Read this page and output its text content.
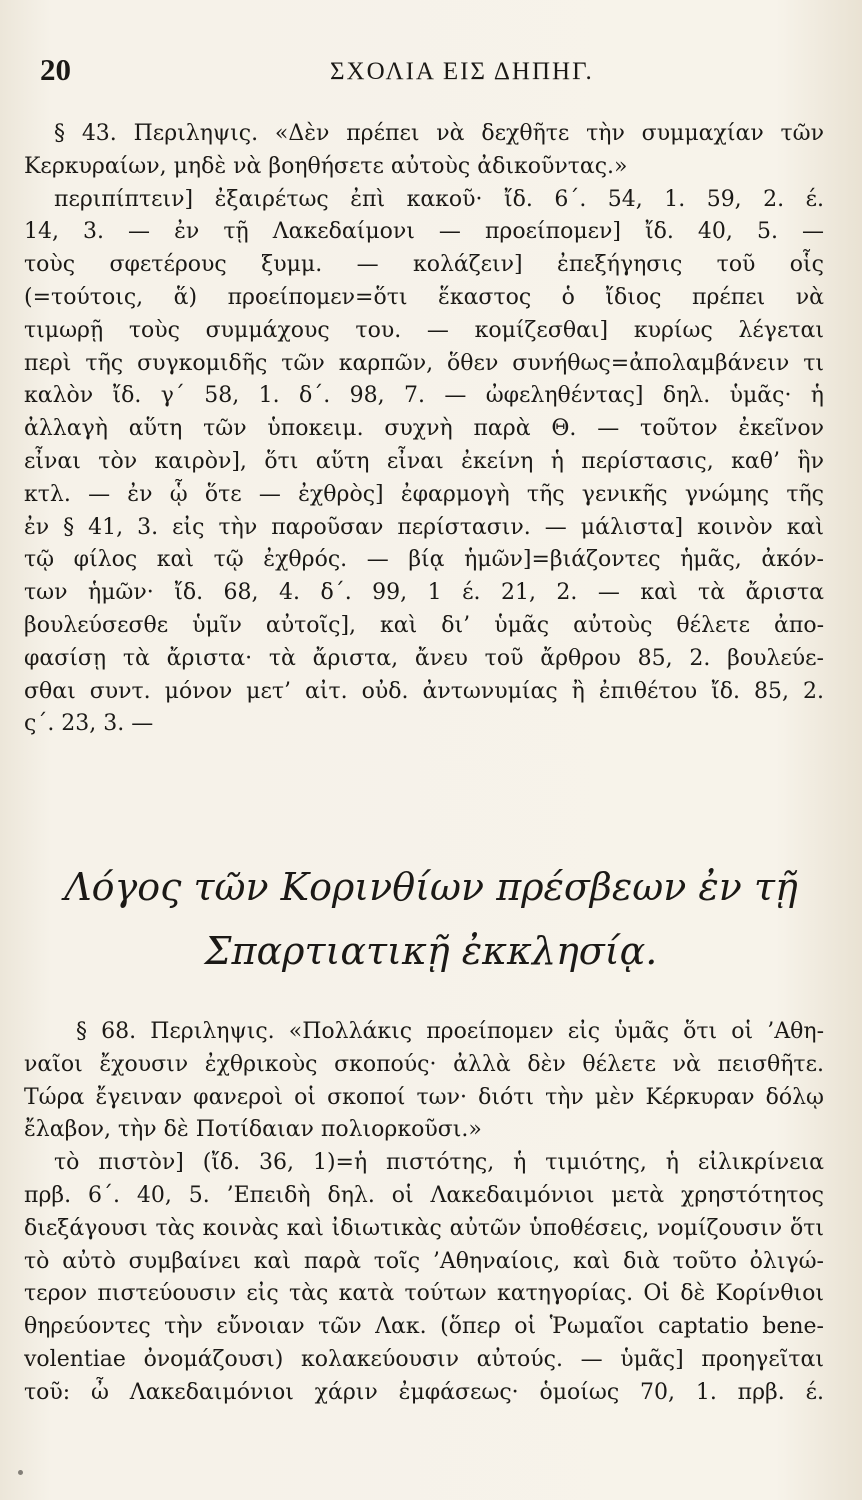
20	ΣΧΟΛΙΑ ΕΙΣ ΔΗΠΗΓ.
§ 43. Περιληψις. «Δὲν πρέπει νὰ δεχθῆτε τὴν συμμαχίαν τῶν
Κερκυραίων, μηδὲ νὰ βοηθήσετε αὐτοὺς ἀδικοῦντας.»
περιπίπτειν] ἐξαιρέτως ἐπὶ κακοῦ· ἴδ. 6΄. 54, 1. 59, 2. έ.
14, 3. — ἐν τῇ Λακεδαίμονι — προείπομεν] ἴδ. 40, 5. —
τοὺς σφετέρους ξυμμ. — κολάζειν] ἐπεξήγησις τοῦ οἷς
(=τούτοις, ἅ) προείπομεν=ὅτι ἕκαστος ὁ ἴδιος πρέπει νὰ
τιμωρῇ τοὺς συμμάχους του. — κομίζεσθαι] κυρίως λέγεται
περὶ τῆς συγκομιδῆς τῶν καρπῶν, ὅθεν συνήθως=ἀπολαμβάνειν τι
καλὸν ἴδ. γ΄ 58, 1. δ΄. 98, 7. — ὠφεληθέντας] δηλ. ὑμᾶς· ἡ
ἀλλαγὴ αὕτη τῶν ὑποκειμ. συχνὴ παρὰ Θ. — τοῦτον ἐκεῖνον
εἶναι τὸν καιρὸν], ὅτι αὕτη εἶναι ἐκείνη ἡ περίστασις, καθ’ ἣν
κτλ. — ἐν ᾧ ὅτε — ἐχθρὸς] ἐφαρμογὴ τῆς γενικῆς γνώμης τῆς
ἐν § 41, 3. εἰς τὴν παροῦσαν περίστασιν. — μάλιστα] κοινὸν καὶ
τῷ φίλος καὶ τῷ ἐχθρός. — βίᾳ ἡμῶν]=βιάζοντες ἡμᾶς, ἀκόν-
των ἡμῶν· ἴδ. 68, 4. δ΄. 99, 1 έ. 21, 2. — καὶ τὰ ἄριστα
βουλεύσεσθε ὑμῖν αὐτοῖς], καὶ δι’ ὑμᾶς αὐτοὺς θέλετε ἀπο-
φασίσῃ τὰ ἄριστα· τὰ ἄριστα, ἄνευ τοῦ ἄρθρου 85, 2. βουλεύε-
σθαι συντ. μόνον μετ’ αἰτ. οὐδ. ἀντωνυμίας ἢ ἐπιθέτου ἴδ. 85, 2.
ς΄. 23, 3. —
Λόγος τῶν Κορινθίων πρέσβεων ἐν τῇ
Σπαρτιατικῇ ἐκκλησίᾳ.
§ 68. Περιληψις. «Πολλάκις προείπομεν εἰς ὑμᾶς ὅτι οἱ ’Αθη-
ναῖοι ἔχουσιν ἐχθρικοὺς σκοπούς· ἀλλὰ δὲν θέλετε νὰ πεισθῆτε.
Τώρα ἔγειναν φανεροὶ οἱ σκοποί των· διότι τὴν μὲν Κέρκυραν δόλῳ
ἔλαβον, τὴν δὲ Ποτίδαιαν πολιορκοῦσι.»
τὸ πιστὸν] (ἴδ. 36, 1)=ἡ πιστότης, ἡ τιμιότης, ἡ εἰλικρίνεια
πρβ. 6΄. 40, 5. ’Επειδὴ δηλ. οἱ Λακεδαιμόνιοι μετὰ χρηστότητος
διεξάγουσι τὰς κοινὰς καὶ ἰδιωτικὰς αὐτῶν ὑποθέσεις, νομίζουσιν ὅτι
τὸ αὐτὸ συμβαίνει καὶ παρὰ τοῖς ’Αθηναίοις, καὶ διὰ τοῦτο ὀλιγώ-
τερον πιστεύουσιν εἰς τὰς κατὰ τούτων κατηγορίας. Οἱ δὲ Κορίνθιοι
θηρεύοντες τὴν εὔνοιαν τῶν Λακ. (ὅπερ οἱ Ῥωμαῖοι captatio bene-
volentiae ὀνομάζουσι) κολακεύουσιν αὐτούς. — ὑμᾶς] προηγεῖται
τοῦ: ὦ Λακεδαιμόνιοι χάριν ἐμφάσεως· ὁμοίως 70, 1. πρβ. έ.
